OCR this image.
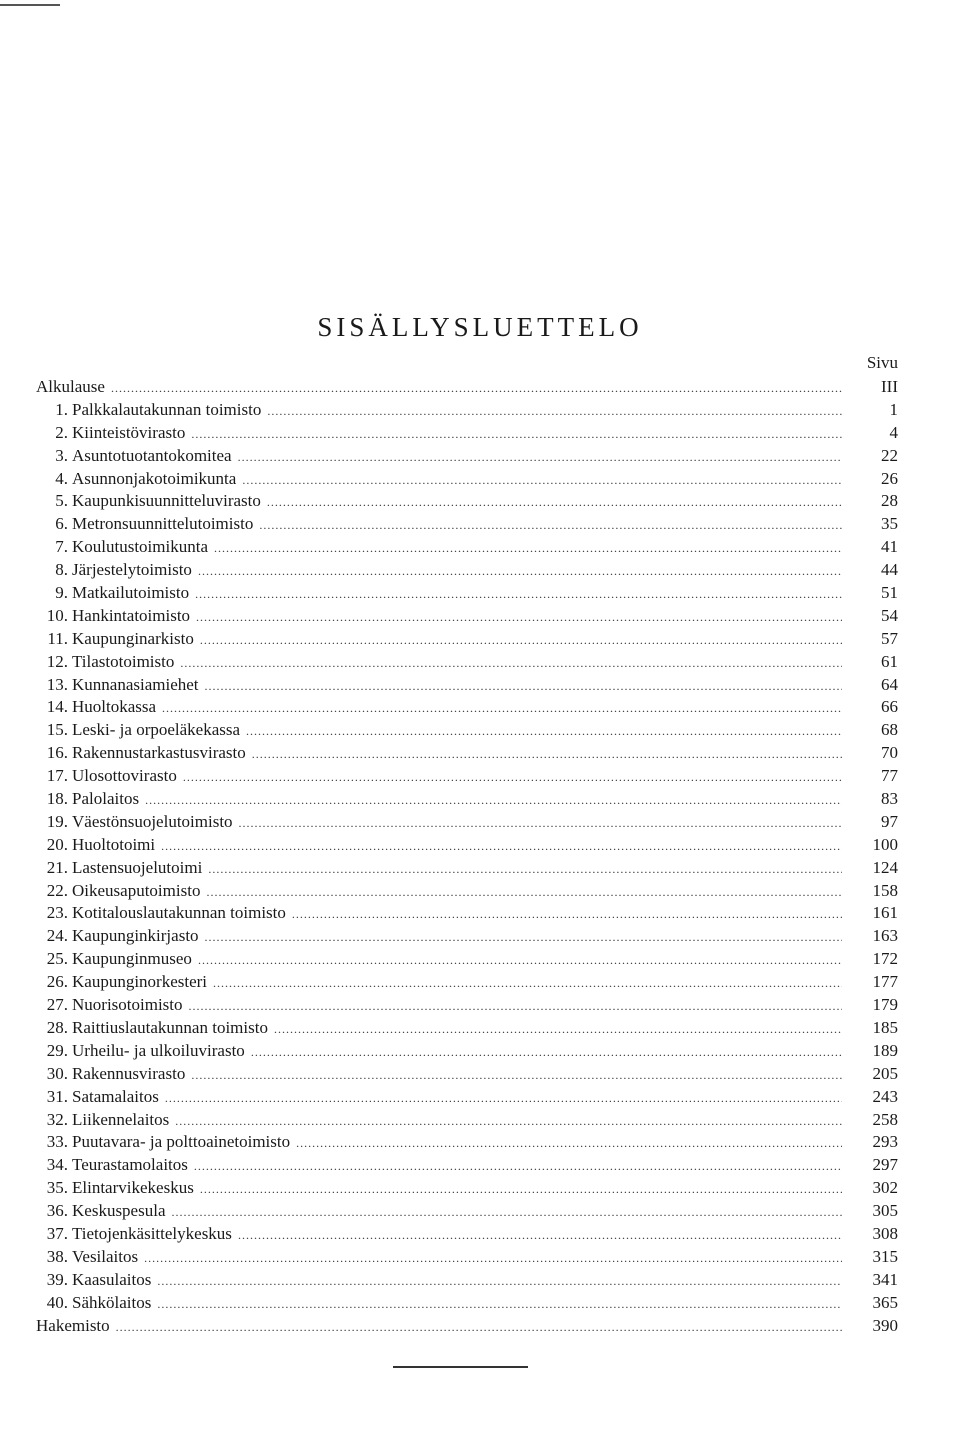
SISÄLLYSLUETTELO
Sivu
Alkulause .....	III
1. Palkkalautakunnan toimisto .....	1
2. Kiinteistövirasto .....	4
3. Asuntotuotantokomitea .....	22
4. Asunnonjakotoimikunta .....	26
5. Kaupunkisuunnitteluvirasto .....	28
6. Metronsuunnittelutoimisto .....	35
7. Koulutustoimikunta .....	41
8. Järjestelytoimisto .....	44
9. Matkailutoimisto .....	51
10. Hankintatoimisto .....	54
11. Kaupunginarkisto .....	57
12. Tilastotoimisto .....	61
13. Kunnanasiamiehet .....	64
14. Huoltokassa .....	66
15. Leski- ja orpoeläkekassa .....	68
16. Rakennustarkastusvirasto .....	70
17. Ulosottovirasto .....	77
18. Palolaitos .....	83
19. Väestönsuojelutoimisto .....	97
20. Huoltotoimi .....	100
21. Lastensuojelutoimi .....	124
22. Oikeusaputoimisto .....	158
23. Kotitalouslautakunnan toimisto .....	161
24. Kaupunginkirjasto .....	163
25. Kaupunginmuseo .....	172
26. Kaupunginorkesteri .....	177
27. Nuorisotoimisto .....	179
28. Raittiuslautakunnan toimisto .....	185
29. Urheilu- ja ulkoiluvirasto .....	189
30. Rakennusvirasto .....	205
31. Satamalaitos .....	243
32. Liikennelaitos .....	258
33. Puutavara- ja polttoainetoimisto .....	293
34. Teurastamolaitos .....	297
35. Elintarvikekeskus .....	302
36. Keskuspesula .....	305
37. Tietojenkäsittelykeskus .....	308
38. Vesilaitos .....	315
39. Kaasulaitos .....	341
40. Sähkölaitos .....	365
Hakemisto .....	390
